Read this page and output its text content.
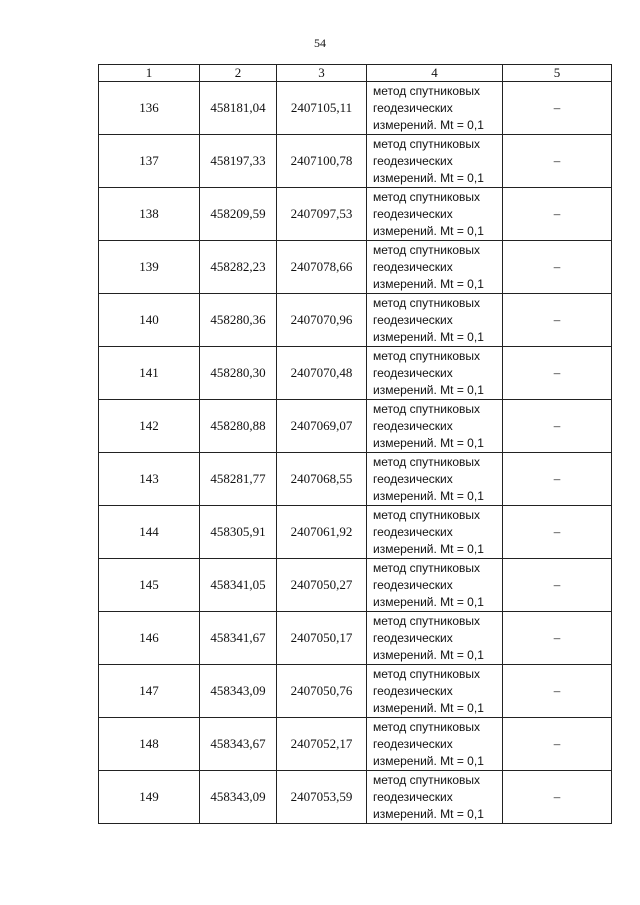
54
1	2	3	4	5
136	458181,04	2407105,11	метод спутниковых
геодезических
измерений. Mt = 0,1	–
137	458197,33	2407100,78	метод спутниковых
геодезических
измерений. Mt = 0,1	–
138	458209,59	2407097,53	метод спутниковых
геодезических
измерений. Mt = 0,1	–
139	458282,23	2407078,66	метод спутниковых
геодезических
измерений. Mt = 0,1	–
140	458280,36	2407070,96	метод спутниковых
геодезических
измерений. Mt = 0,1	–
141	458280,30	2407070,48	метод спутниковых
геодезических
измерений. Mt = 0,1	–
142	458280,88	2407069,07	метод спутниковых
геодезических
измерений. Mt = 0,1	–
143	458281,77	2407068,55	метод спутниковых
геодезических
измерений. Mt = 0,1	–
144	458305,91	2407061,92	метод спутниковых
геодезических
измерений. Mt = 0,1	–
145	458341,05	2407050,27	метод спутниковых
геодезических
измерений. Mt = 0,1	–
146	458341,67	2407050,17	метод спутниковых
геодезических
измерений. Mt = 0,1	–
147	458343,09	2407050,76	метод спутниковых
геодезических
измерений. Mt = 0,1	–
148	458343,67	2407052,17	метод спутниковых
геодезических
измерений. Mt = 0,1	–
149	458343,09	2407053,59	метод спутниковых
геодезических
измерений. Mt = 0,1	–
